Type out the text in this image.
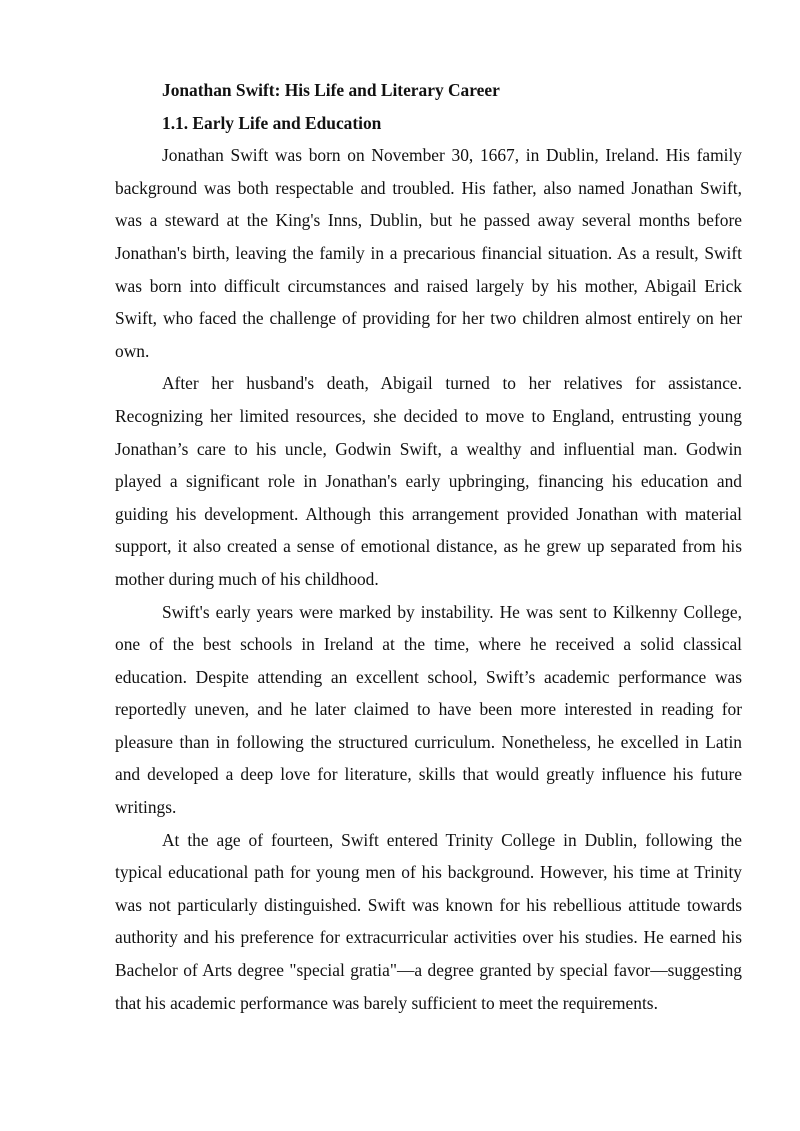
Jonathan Swift: His Life and Literary Career

1.1. Early Life and Education

Jonathan Swift was born on November 30, 1667, in Dublin, Ireland. His family background was both respectable and troubled. His father, also named Jonathan Swift, was a steward at the King's Inns, Dublin, but he passed away several months before Jonathan's birth, leaving the family in a precarious financial situation. As a result, Swift was born into difficult circumstances and raised largely by his mother, Abigail Erick Swift, who faced the challenge of providing for her two children almost entirely on her own.

After her husband's death, Abigail turned to her relatives for assistance. Recognizing her limited resources, she decided to move to England, entrusting young Jonathan’s care to his uncle, Godwin Swift, a wealthy and influential man. Godwin played a significant role in Jonathan's early upbringing, financing his education and guiding his development. Although this arrangement provided Jonathan with material support, it also created a sense of emotional distance, as he grew up separated from his mother during much of his childhood.

Swift's early years were marked by instability. He was sent to Kilkenny College, one of the best schools in Ireland at the time, where he received a solid classical education. Despite attending an excellent school, Swift’s academic performance was reportedly uneven, and he later claimed to have been more interested in reading for pleasure than in following the structured curriculum. Nonetheless, he excelled in Latin and developed a deep love for literature, skills that would greatly influence his future writings.

At the age of fourteen, Swift entered Trinity College in Dublin, following the typical educational path for young men of his background. However, his time at Trinity was not particularly distinguished. Swift was known for his rebellious attitude towards authority and his preference for extracurricular activities over his studies. He earned his Bachelor of Arts degree "special gratia"—a degree granted by special favor—suggesting that his academic performance was barely sufficient to meet the requirements.
